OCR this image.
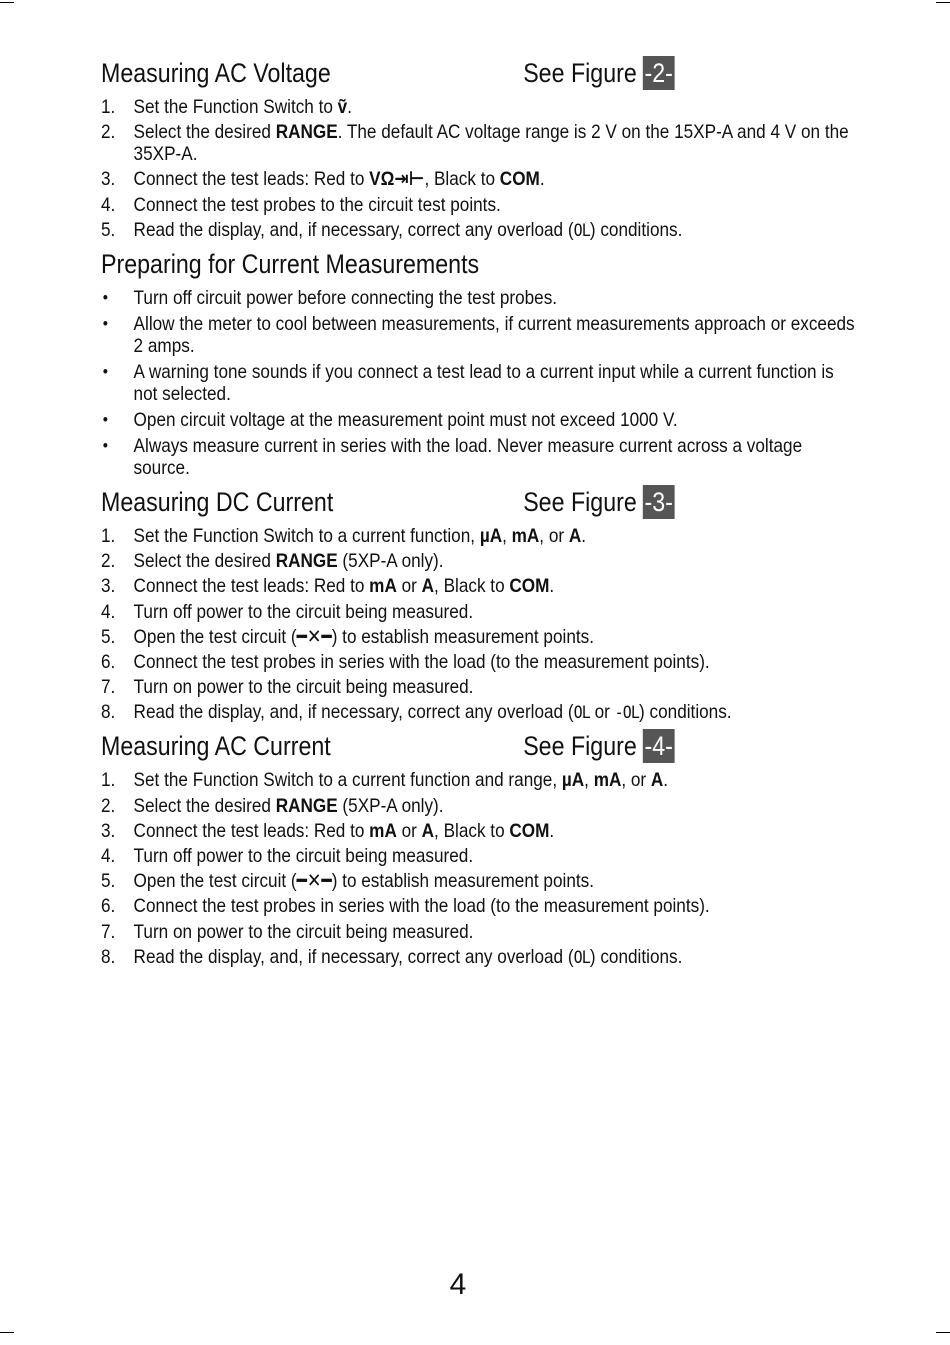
Measuring AC Voltage	See Figure -2-
1. Set the Function Switch to ṽ.
2. Select the desired RANGE. The default AC voltage range is 2 V on the 15XP-A and 4 V on the 35XP-A.
3. Connect the test leads: Red to VΩ⇥⊢, Black to COM.
4. Connect the test probes to the circuit test points.
5. Read the display, and, if necessary, correct any overload (OL) conditions.
Preparing for Current Measurements
• Turn off circuit power before connecting the test probes.
• Allow the meter to cool between measurements, if current measurements approach or exceeds 2 amps.
• A warning tone sounds if you connect a test lead to a current input while a current function is not selected.
• Open circuit voltage at the measurement point must not exceed 1000 V.
• Always measure current in series with the load. Never measure current across a voltage source.
Measuring DC Current	See Figure -3-
1. Set the Function Switch to a current function, µA, mA, or A.
2. Select the desired RANGE (5XP-A only).
3. Connect the test leads: Red to mA or A, Black to COM.
4. Turn off power to the circuit being measured.
5. Open the test circuit (━✕━) to establish measurement points.
6. Connect the test probes in series with the load (to the measurement points).
7. Turn on power to the circuit being measured.
8. Read the display, and, if necessary, correct any overload (OL or -OL) conditions.
Measuring AC Current	See Figure -4-
1. Set the Function Switch to a current function and range, µA, mA, or A.
2. Select the desired RANGE (5XP-A only).
3. Connect the test leads: Red to mA or A, Black to COM.
4. Turn off power to the circuit being measured.
5. Open the test circuit (━✕━) to establish measurement points.
6. Connect the test probes in series with the load (to the measurement points).
7. Turn on power to the circuit being measured.
8. Read the display, and, if necessary, correct any overload (OL) conditions.
4
